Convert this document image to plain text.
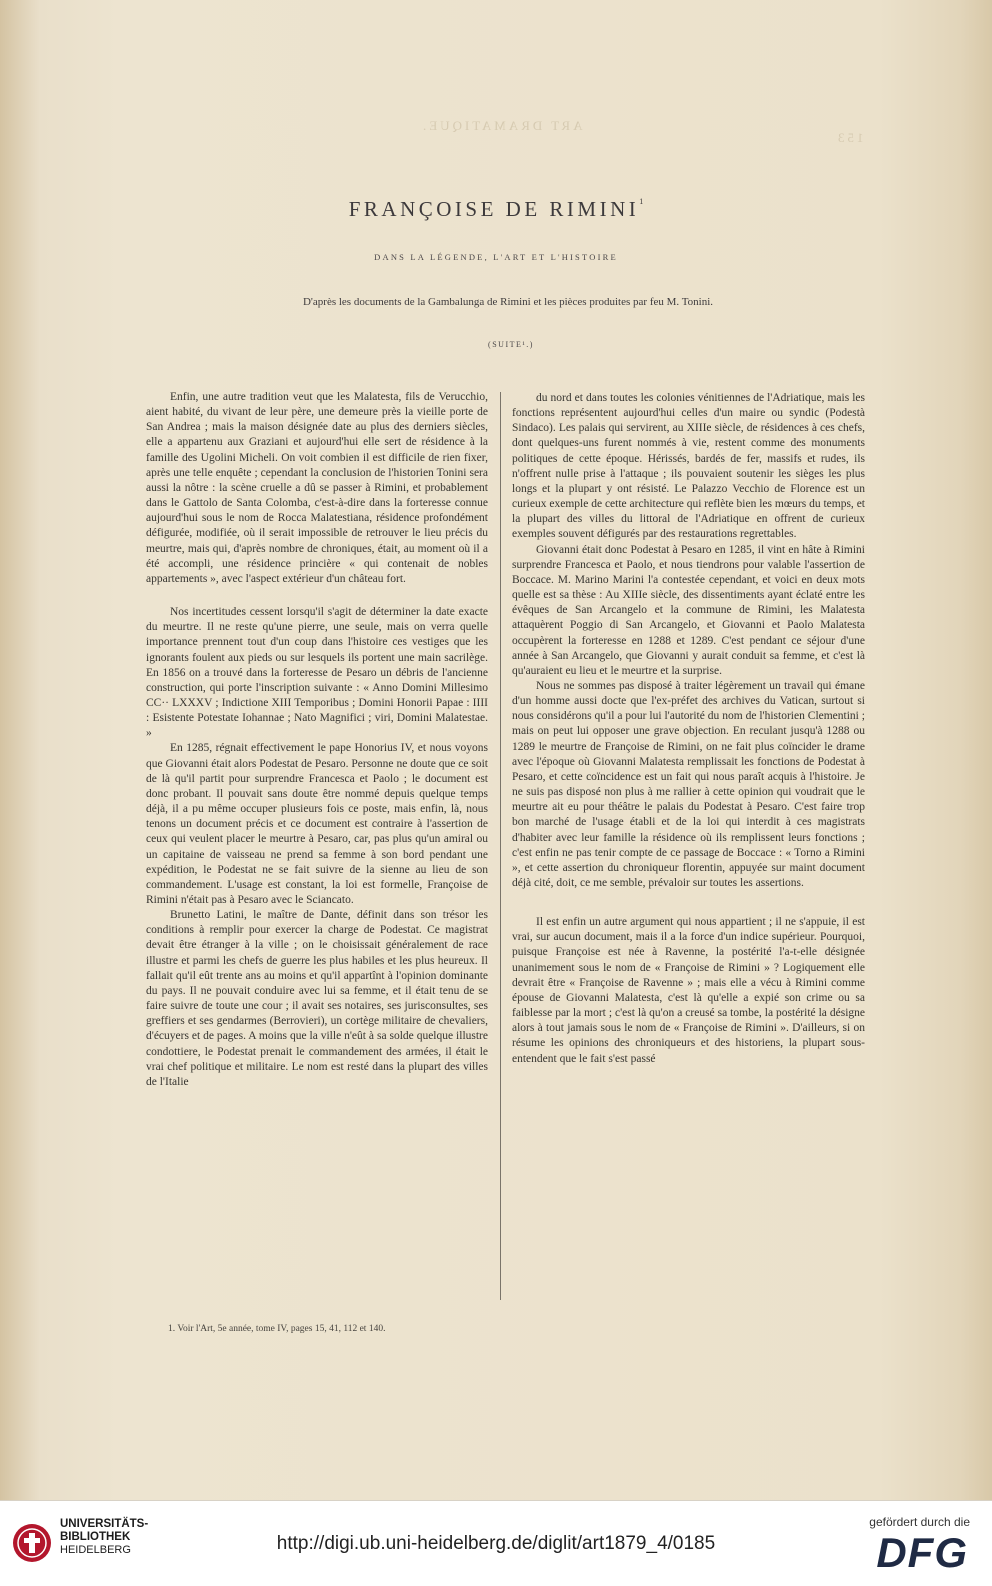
ART DRAMATIQUE.
153
FRANÇOISE DE RIMINI$^1$
DANS LA LÉGENDE, L'ART ET L'HISTOIRE
D'après les documents de la Gambalunga de Rimini et les pièces produites par feu M. Tonini.
(SUITE¹.)

Enfin, une autre tradition veut que les Malatesta, fils de Verucchio, aient habité, du vivant de leur père, une demeure près la vieille porte de San Andrea ; mais la maison désignée date au plus des derniers siècles, elle a appartenu aux Graziani et aujourd'hui elle sert de résidence à la famille des Ugolini Micheli. On voit combien il est difficile de rien fixer, après une telle enquête ; cependant la conclusion de l'historien Tonini sera aussi la nôtre : la scène cruelle a dû se passer à Rimini, et probablement dans le Gattolo de Santa Colomba, c'est-à-dire dans la forteresse connue aujourd'hui sous le nom de Rocca Malatestiana, résidence profondément défigurée, modifiée, où il serait impossible de retrouver le lieu précis du meurtre, mais qui, d'après nombre de chroniques, était, au moment où il a été accompli, une résidence princière « qui contenait de nobles appartements », avec l'aspect extérieur d'un château fort.

Nos incertitudes cessent lorsqu'il s'agit de déterminer la date exacte du meurtre. Il ne reste qu'une pierre, une seule, mais on verra quelle importance prennent tout d'un coup dans l'histoire ces vestiges que les ignorants foulent aux pieds ou sur lesquels ils portent une main sacrilège. En 1856 on a trouvé dans la forteresse de Pesaro un débris de l'ancienne construction, qui porte l'inscription suivante : « Anno Domini Millesimo CC·· LXXXV ; Indictione XIII Temporibus ; Domini Honorii Papae : IIII : Esistente Potestate Iohannae ; Nato Magnifici ; viri, Domini Malatestae. »

En 1285, régnait effectivement le pape Honorius IV, et nous voyons que Giovanni était alors Podestat de Pesaro. Personne ne doute que ce soit de là qu'il partit pour surprendre Francesca et Paolo ; le document est donc probant. Il pouvait sans doute être nommé depuis quelque temps déjà, il a pu même occuper plusieurs fois ce poste, mais enfin, là, nous tenons un document précis et ce document est contraire à l'assertion de ceux qui veulent placer le meurtre à Pesaro, car, pas plus qu'un amiral ou un capitaine de vaisseau ne prend sa femme à son bord pendant une expédition, le Podestat ne se fait suivre de la sienne au lieu de son commandement. L'usage est constant, la loi est formelle, Françoise de Rimini n'était pas à Pesaro avec le Sciancato.

Brunetto Latini, le maître de Dante, définit dans son trésor les conditions à remplir pour exercer la charge de Podestat. Ce magistrat devait être étranger à la ville ; on le choisissait généralement de race illustre et parmi les chefs de guerre les plus habiles et les plus heureux. Il fallait qu'il eût trente ans au moins et qu'il appartînt à l'opinion dominante du pays. Il ne pouvait conduire avec lui sa femme, et il était tenu de se faire suivre de toute une cour ; il avait ses notaires, ses jurisconsultes, ses greffiers et ses gendarmes (Berrovieri), un cortège militaire de chevaliers, d'écuyers et de pages. A moins que la ville n'eût à sa solde quelque illustre condottiere, le Podestat prenait le commandement des armées, il était le vrai chef politique et militaire. Le nom est resté dans la plupart des villes de l'Italie

du nord et dans toutes les colonies vénitiennes de l'Adriatique, mais les fonctions représentent aujourd'hui celles d'un maire ou syndic (Podestà Sindaco). Les palais qui servirent, au XIIIe siècle, de résidences à ces chefs, dont quelques-uns furent nommés à vie, restent comme des monuments politiques de cette époque. Hérissés, bardés de fer, massifs et rudes, ils n'offrent nulle prise à l'attaque ; ils pouvaient soutenir les sièges les plus longs et la plupart y ont résisté. Le Palazzo Vecchio de Florence est un curieux exemple de cette architecture qui reflète bien les mœurs du temps, et la plupart des villes du littoral de l'Adriatique en offrent de curieux exemples souvent défigurés par des restaurations regrettables.

Giovanni était donc Podestat à Pesaro en 1285, il vint en hâte à Rimini surprendre Francesca et Paolo, et nous tiendrons pour valable l'assertion de Boccace. M. Marino Marini l'a contestée cependant, et voici en deux mots quelle est sa thèse : Au XIIIe siècle, des dissentiments ayant éclaté entre les évêques de San Arcangelo et la commune de Rimini, les Malatesta attaquèrent Poggio di San Arcangelo, et Giovanni et Paolo Malatesta occupèrent la forteresse en 1288 et 1289. C'est pendant ce séjour d'une année à San Arcangelo, que Giovanni y aurait conduit sa femme, et c'est là qu'auraient eu lieu et le meurtre et la surprise.

Nous ne sommes pas disposé à traiter légèrement un travail qui émane d'un homme aussi docte que l'ex-préfet des archives du Vatican, surtout si nous considérons qu'il a pour lui l'autorité du nom de l'historien Clementini ; mais on peut lui opposer une grave objection. En reculant jusqu'à 1288 ou 1289 le meurtre de Françoise de Rimini, on ne fait plus coïncider le drame avec l'époque où Giovanni Malatesta remplissait les fonctions de Podestat à Pesaro, et cette coïncidence est un fait qui nous paraît acquis à l'histoire. Je ne suis pas disposé non plus à me rallier à cette opinion qui voudrait que le meurtre ait eu pour théâtre le palais du Podestat à Pesaro. C'est faire trop bon marché de l'usage établi et de la loi qui interdit à ces magistrats d'habiter avec leur famille la résidence où ils remplissent leurs fonctions ; c'est enfin ne pas tenir compte de ce passage de Boccace : « Torno a Rimini », et cette assertion du chroniqueur florentin, appuyée sur maint document déjà cité, doit, ce me semble, prévaloir sur toutes les assertions.

Il est enfin un autre argument qui nous appartient ; il ne s'appuie, il est vrai, sur aucun document, mais il a la force d'un indice supérieur. Pourquoi, puisque Françoise est née à Ravenne, la postérité l'a-t-elle désignée unanimement sous le nom de « Françoise de Rimini » ? Logiquement elle devrait être « Françoise de Ravenne » ; mais elle a vécu à Rimini comme épouse de Giovanni Malatesta, c'est là qu'elle a expié son crime ou sa faiblesse par la mort ; c'est là qu'on a creusé sa tombe, la postérité la désigne alors à tout jamais sous le nom de « Françoise de Rimini ». D'ailleurs, si on résume les opinions des chroniqueurs et des historiens, la plupart sous-entendent que le fait s'est passé

1. Voir l'Art, 5e année, tome IV, pages 15, 41, 112 et 140.
UNIVERSITÄTS-
BIBLIOTHEK
HEIDELBERG	http://digi.ub.uni-heidelberg.de/diglit/art1879_4/0185
gefördert durch die
DFG
